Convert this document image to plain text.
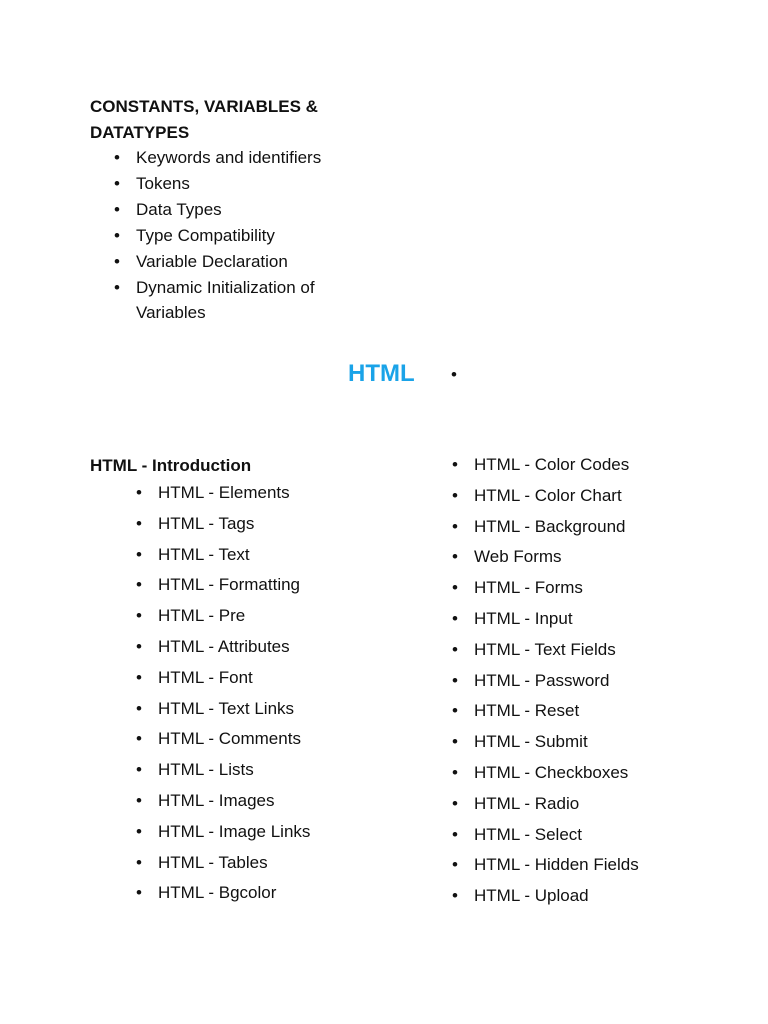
CONSTANTS, VARIABLES & DATATYPES
• Keywords and identifiers
• Tokens
• Data Types
• Type Compatibility
• Variable Declaration
• Dynamic Initialization of Variables
HTML •
HTML - Introduction
• HTML - Elements
• HTML - Tags
• HTML - Text
• HTML - Formatting
• HTML - Pre
• HTML - Attributes
• HTML - Font
• HTML - Text Links
• HTML - Comments
• HTML - Lists
• HTML - Images
• HTML - Image Links
• HTML - Tables
• HTML - Bgcolor
• HTML - Color Codes
• HTML - Color Chart
• HTML - Background
• Web Forms
• HTML - Forms
• HTML - Input
• HTML - Text Fields
• HTML - Password
• HTML - Reset
• HTML - Submit
• HTML - Checkboxes
• HTML - Radio
• HTML - Select
• HTML - Hidden Fields
• HTML - Upload
